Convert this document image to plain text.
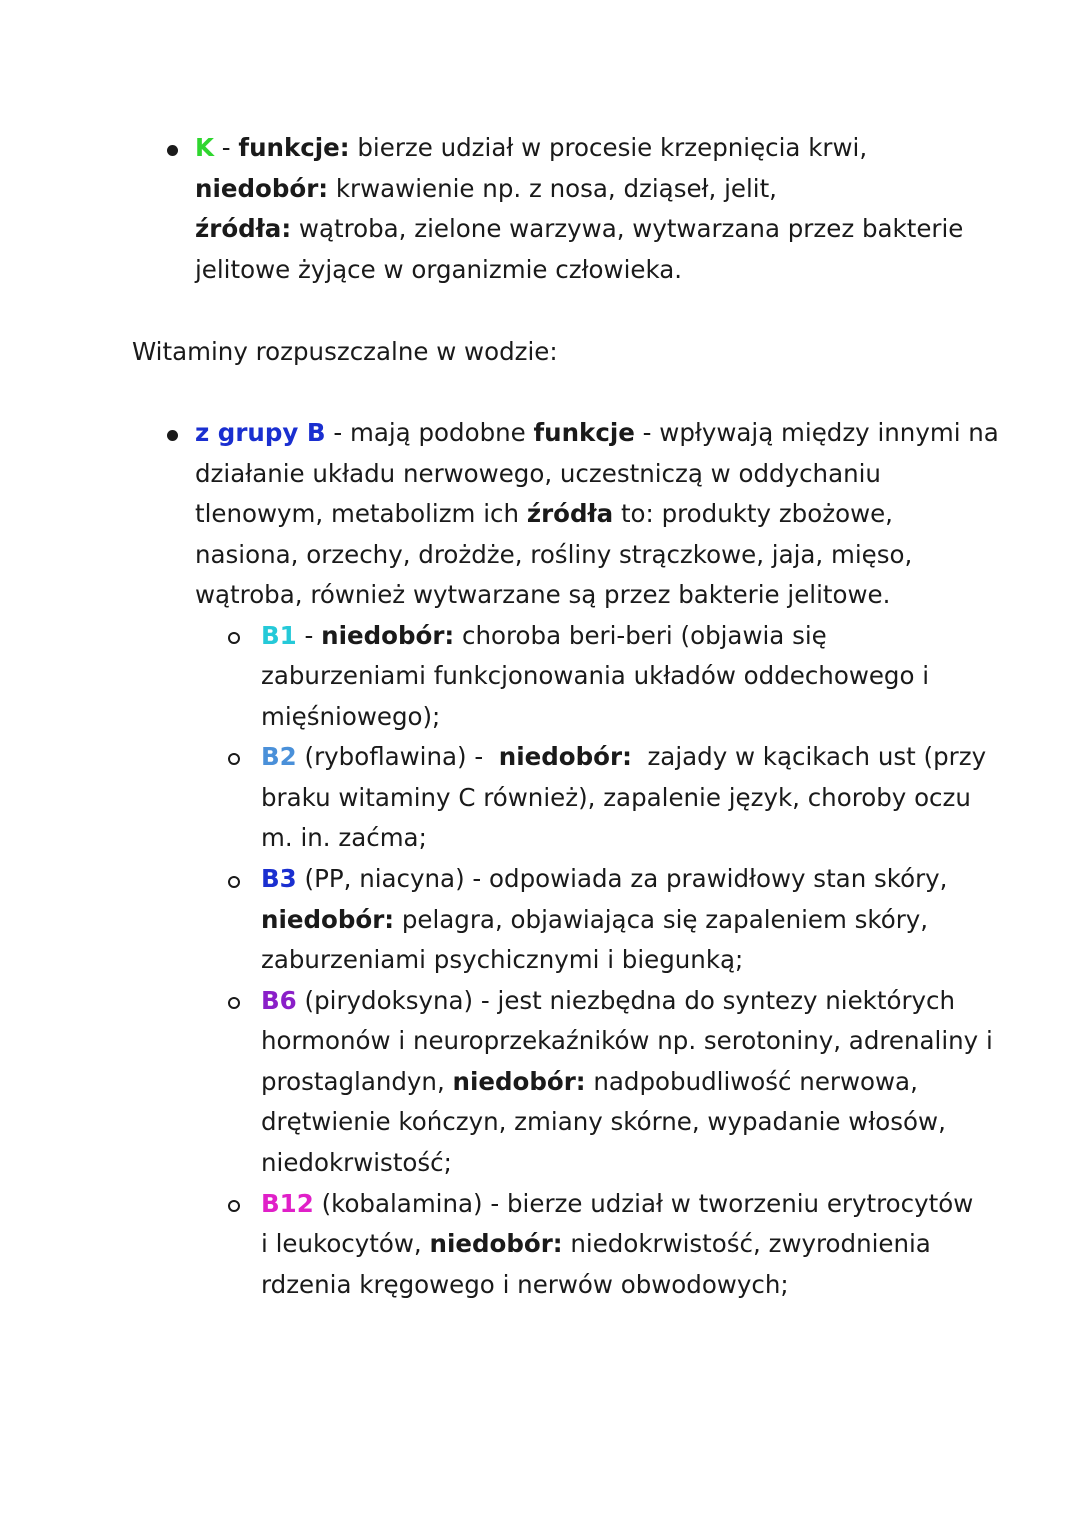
K - funkcje: bierze udział w procesie krzepnięcia krwi,
niedobór: krwawienie np. z nosa, dziąseł, jelit,
źródła: wątroba, zielone warzywa, wytwarzana przez bakterie
jelitowe żyjące w organizmie człowieka.
Witaminy rozpuszczalne w wodzie:
z grupy B - mają podobne funkcje - wpływają między innymi na
działanie układu nerwowego, uczestniczą w oddychaniu
tlenowym, metabolizm ich źródła to: produkty zbożowe,
nasiona, orzechy, drożdże, rośliny strączkowe, jaja, mięso,
wątroba, również wytwarzane są przez bakterie jelitowe.
B1 - niedobór: choroba beri-beri (objawia się
zaburzeniami funkcjonowania układów oddechowego i
mięśniowego);
B2 (ryboflawina) -  niedobór:  zajady w kącikach ust (przy
braku witaminy C również), zapalenie język, choroby oczu
m. in. zaćma;
B3 (PP, niacyna) - odpowiada za prawidłowy stan skóry,
niedobór: pelagra, objawiająca się zapaleniem skóry,
zaburzeniami psychicznymi i biegunką;
B6 (pirydoksyna) - jest niezbędna do syntezy niektórych
hormonów i neuroprzekaźników np. serotoniny, adrenaliny i
prostaglandyn, niedobór: nadpobudliwość nerwowa,
drętwienie kończyn, zmiany skórne, wypadanie włosów,
niedokrwistość;
B12 (kobalamina) - bierze udział w tworzeniu erytrocytów
i leukocytów, niedobór: niedokrwistość, zwyrodnienia
rdzenia kręgowego i nerwów obwodowych;
